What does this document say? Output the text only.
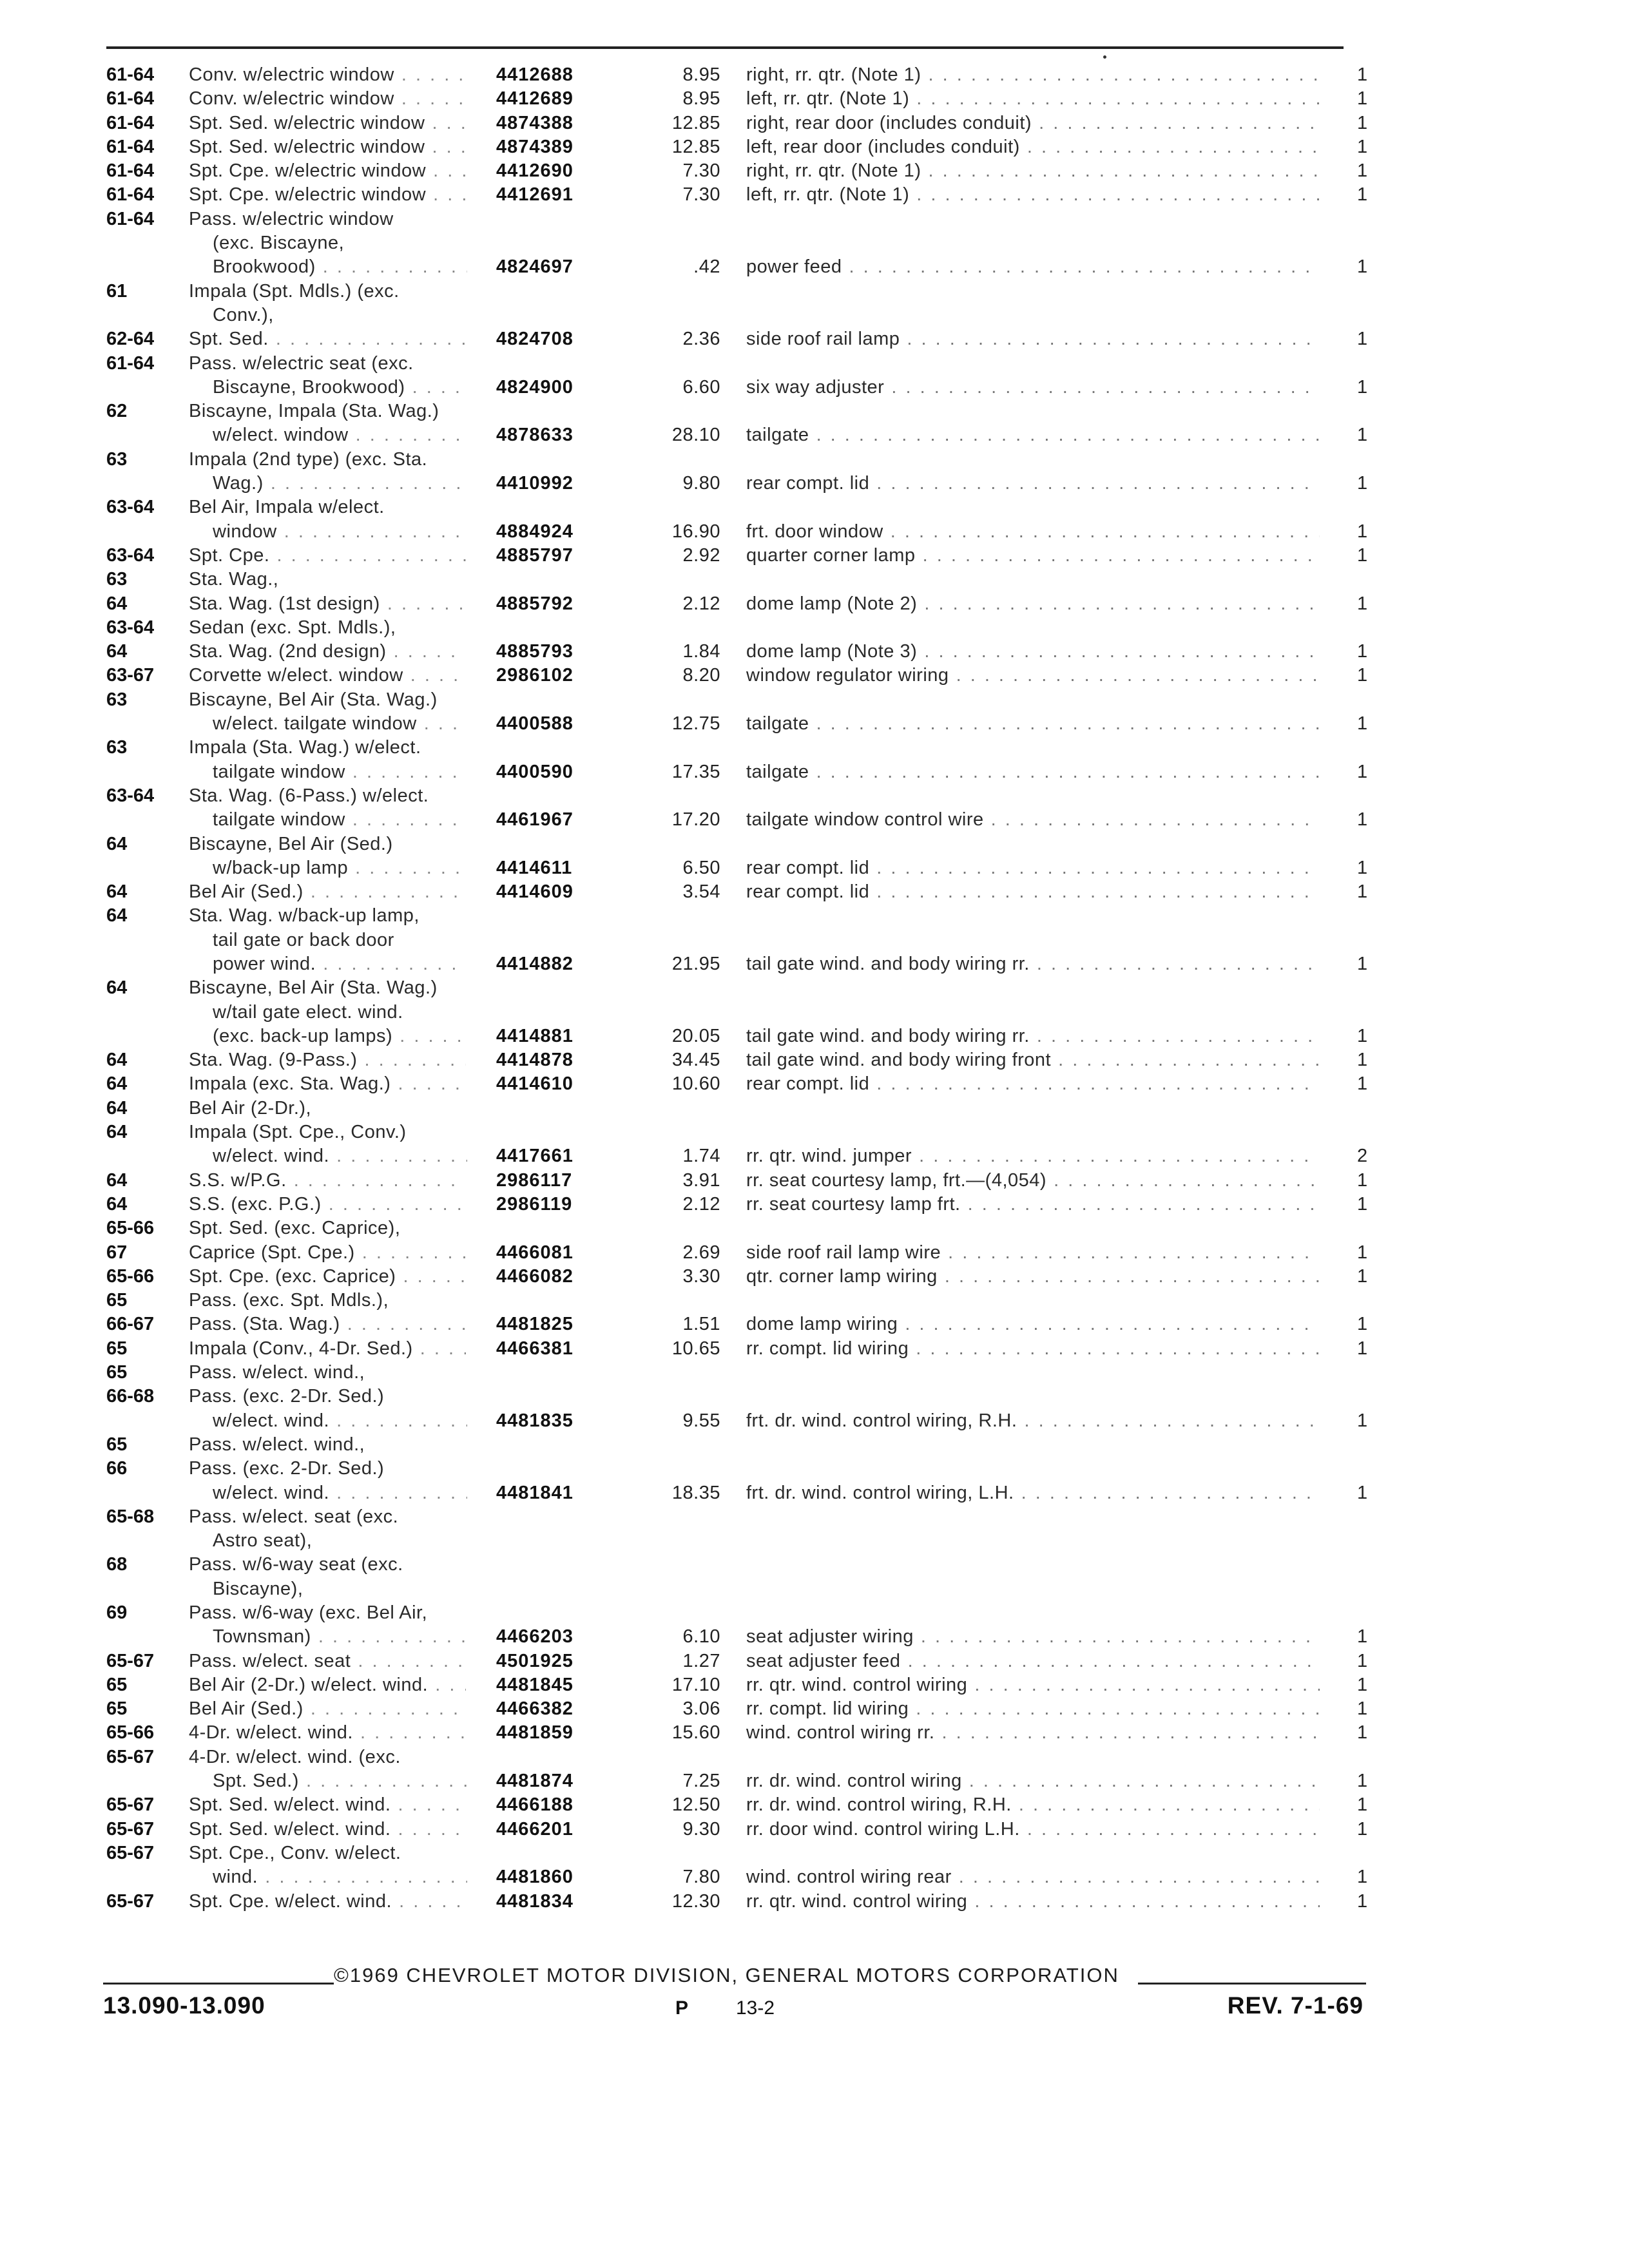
61-64 Conv. w/electric window . . .	4412688	8.95 right, rr. qtr. (Note 1) . . .	1
61-64 Conv. w/electric window . . .	4412689	8.95 left, rr. qtr. (Note 1) . . .	1
61-64 Spt. Sed. w/electric window . . .	4874388	12.85 right, rear door (includes conduit) . . .	1
61-64 Spt. Sed. w/electric window . . .	4874389	12.85 left, rear door (includes conduit) . . .	1
61-64 Spt. Cpe. w/electric window . . .	4412690	7.30 right, rr. qtr. (Note 1) . . .	1
61-64 Spt. Cpe. w/electric window . . .	4412691	7.30 left, rr. qtr. (Note 1) . . .	1
61-64 Pass. w/electric window
(exc. Biscayne,
Brookwood) . . .	4824697	.42 power feed . . .	1
61	Impala (Spt. Mdls.) (exc.
Conv.),
62-64 Spt. Sed. . . .	4824708	2.36 side roof rail lamp . . .	1
61-64 Pass. w/electric seat (exc.
Biscayne, Brookwood) . . .	4824900	6.60 six way adjuster . . .	1
62	Biscayne, Impala (Sta. Wag.)
w/elect. window . . .	4878633	28.10 tailgate . . .	1
63	Impala (2nd type) (exc. Sta.
Wag.) . . .	4410992	9.80 rear compt. lid . . .	1
63-64 Bel Air, Impala w/elect.
window . . .	4884924	16.90 frt. door window . . .	1
63-64 Spt. Cpe. . . .	4885797	2.92 quarter corner lamp . . .	1
63	Sta. Wag.,
64	Sta. Wag. (1st design) . . .	4885792	2.12 dome lamp (Note 2) . . .	1
63-64 Sedan (exc. Spt. Mdls.),
64	Sta. Wag. (2nd design) . . .	4885793	1.84 dome lamp (Note 3) . . .	1
63-67 Corvette w/elect. window . . .	2986102	8.20 window regulator wiring . . .	1
63	Biscayne, Bel Air (Sta. Wag.)
w/elect. tailgate window . . .	4400588	12.75 tailgate . . .	1
63	Impala (Sta. Wag.) w/elect.
tailgate window . . .	4400590	17.35 tailgate . . .	1
63-64 Sta. Wag. (6-Pass.) w/elect.
tailgate window . . .	4461967	17.20 tailgate window control wire . . .	1
64	Biscayne, Bel Air (Sed.)
w/back-up lamp . . .	4414611	6.50 rear compt. lid . . .	1
64	Bel Air (Sed.) . . .	4414609	3.54 rear compt. lid . . .	1
64	Sta. Wag. w/back-up lamp,
tail gate or back door
power wind. . . .	4414882	21.95 tail gate wind. and body wiring rr. . . .	1
64	Biscayne, Bel Air (Sta. Wag.)
w/tail gate elect. wind.
(exc. back-up lamps) . . .	4414881	20.05 tail gate wind. and body wiring rr. . . .	1
64	Sta. Wag. (9-Pass.) . . .	4414878	34.45 tail gate wind. and body wiring front . . .	1
64	Impala (exc. Sta. Wag.) . . .	4414610	10.60 rear compt. lid . . .	1
64	Bel Air (2-Dr.),
64	Impala (Spt. Cpe., Conv.)
w/elect. wind. . . .	4417661	1.74 rr. qtr. wind. jumper . . .	2
64	S.S. w/P.G. . . .	2986117	3.91 rr. seat courtesy lamp, frt.—(4,054) . . .	1
64	S.S. (exc. P.G.) . . .	2986119	2.12 rr. seat courtesy lamp frt. . . .	1
65-66 Spt. Sed. (exc. Caprice),
67	Caprice (Spt. Cpe.) . . .	4466081	2.69 side roof rail lamp wire . . .	1
65-66 Spt. Cpe. (exc. Caprice) . . .	4466082	3.30 qtr. corner lamp wiring . . .	1
65	Pass. (exc. Spt. Mdls.),
66-67 Pass. (Sta. Wag.) . . .	4481825	1.51 dome lamp wiring . . .	1
65	Impala (Conv., 4-Dr. Sed.) . . .	4466381	10.65 rr. compt. lid wiring . . .	1
65	Pass. w/elect. wind.,
66-68 Pass. (exc. 2-Dr. Sed.)
w/elect. wind. . . .	4481835	9.55 frt. dr. wind. control wiring, R.H. . . .	1
65	Pass. w/elect. wind.,
66	Pass. (exc. 2-Dr. Sed.)
w/elect. wind. . . .	4481841	18.35 frt. dr. wind. control wiring, L.H. . . .	1
65-68 Pass. w/elect. seat (exc.
Astro seat),
68	Pass. w/6-way seat (exc.
Biscayne),
69	Pass. w/6-way (exc. Bel Air,
Townsman) . . .	4466203	6.10 seat adjuster wiring . . .	1
65-67 Pass. w/elect. seat . . .	4501925	1.27 seat adjuster feed . . .	1
65	Bel Air (2-Dr.) w/elect. wind. . . .	4481845	17.10 rr. qtr. wind. control wiring . . .	1
65	Bel Air (Sed.) . . .	4466382	3.06 rr. compt. lid wiring . . .	1
65-66 4-Dr. w/elect. wind. . . .	4481859	15.60 wind. control wiring rr. . . .	1
65-67 4-Dr. w/elect. wind. (exc.
Spt. Sed.) . . .	4481874	7.25 rr. dr. wind. control wiring . . .	1
65-67 Spt. Sed. w/elect. wind. . . .	4466188	12.50 rr. dr. wind. control wiring, R.H. . . .	1
65-67 Spt. Sed. w/elect. wind. . . .	4466201	9.30 rr. door wind. control wiring L.H. . . .	1
65-67 Spt. Cpe., Conv. w/elect.
wind. . . .	4481860	7.80 wind. control wiring rear . . .	1
65-67 Spt. Cpe. w/elect. wind. . . .	4481834	12.30 rr. qtr. wind. control wiring . . .	1
©1969 CHEVROLET MOTOR DIVISION, GENERAL MOTORS CORPORATION
13.090-13.090	P 13-2	REV. 7-1-69
